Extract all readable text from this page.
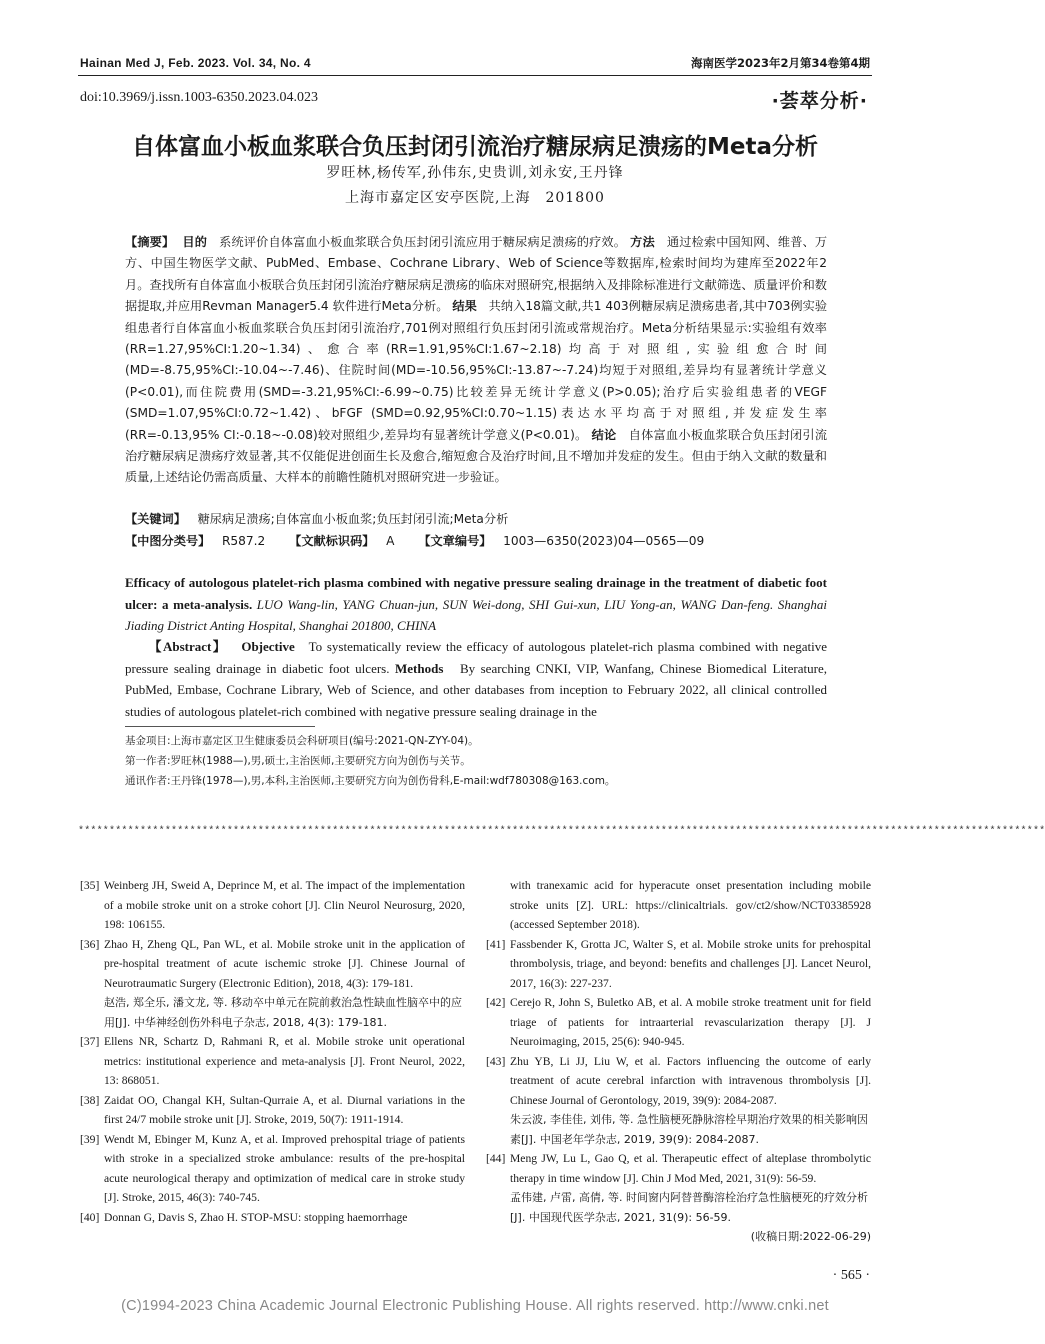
Hainan Med J, Feb. 2023. Vol. 34, No. 4	海南医学2023年2月第34卷第4期
doi:10.3969/j.issn.1003-6350.2023.04.023	·荟萃分析·
自体富血小板血浆联合负压封闭引流治疗糖尿病足溃疡的Meta分析
罗旺林,杨传军,孙伟东,史贵训,刘永安,王丹锋
上海市嘉定区安亭医院,上海　201800
【摘要】 目的 系统评价自体富血小板血浆联合负压封闭引流应用于糖尿病足溃疡的疗效。 方法 通过检索中国知网、维普、万方、中国生物医学文献、PubMed、Embase、Cochrane Library、Web of Science等数据库,检索时间均为建库至2022年2月。查找所有自体富血小板联合负压封闭引流治疗糖尿病足溃疡的临床对照研究,根据纳入及排除标准进行文献筛选、质量评价和数据提取,并应用Revman Manager5.4 软件进行Meta分析。 结果 共纳入18篇文献,共1 403例糖尿病足溃疡患者,其中703例实验组患者行自体富血小板血浆联合负压封闭引流治疗,701例对照组行负压封闭引流或常规治疗。Meta分析结果显示:实验组有效率(RR=1.27,95%CI:1.20~1.34)、愈合率(RR=1.91,95%CI:1.67~2.18)均高于对照组,实验组愈合时间(MD=-8.75,95%CI:-10.04~-7.46)、住院时间(MD=-10.56,95%CI:-13.87~-7.24)均短于对照组,差异均有显著统计学意义(P<0.01),而住院费用(SMD=-3.21,95%CI:-6.99~0.75)比较差异无统计学意义(P>0.05);治疗后实验组患者的VEGF (SMD=1.07,95%CI:0.72~1.42)、bFGF (SMD=0.92,95%CI:0.70~1.15)表达水平均高于对照组,并发症发生率(RR=-0.13,95% CI:-0.18~-0.08)较对照组少,差异均有显著统计学意义(P<0.01)。 结论 自体富血小板血浆联合负压封闭引流治疗糖尿病足溃疡疗效显著,其不仅能促进创面生长及愈合,缩短愈合及治疗时间,且不增加并发症的发生。但由于纳入文献的数量和质量,上述结论仍需高质量、大样本的前瞻性随机对照研究进一步验证。
【关键词】 糖尿病足溃疡;自体富血小板血浆;负压封闭引流;Meta分析
【中图分类号】 R587.2 【文献标识码】 A 【文章编号】 1003—6350(2023)04—0565—09
Efficacy of autologous platelet-rich plasma combined with negative pressure sealing drainage in the treatment of diabetic foot ulcer: a meta-analysis. LUO Wang-lin, YANG Chuan-jun, SUN Wei-dong, SHI Gui-xun, LIU Yong-an, WANG Dan-feng. Shanghai Jiading District Anting Hospital, Shanghai 201800, CHINA
【Abstract】 Objective To systematically review the efficacy of autologous platelet-rich plasma combined with negative pressure sealing drainage in diabetic foot ulcers. Methods By searching CNKI, VIP, Wanfang, Chinese Biomedical Literature, PubMed, Embase, Cochrane Library, Web of Science, and other databases from inception to February 2022, all clinical controlled studies of autologous platelet-rich combined with negative pressure sealing drainage in the
基金项目:上海市嘉定区卫生健康委员会科研项目(编号:2021-QN-ZYY-04)。
第一作者:罗旺林(1988—),男,硕士,主治医师,主要研究方向为创伤与关节。
通讯作者:王丹锋(1978—),男,本科,主治医师,主要研究方向为创伤骨科,E-mail:wdf780308@163.com。
************************************************************************************************************************************************************
[35] Weinberg JH, Sweid A, Deprince M, et al. The impact of the implementation of a mobile stroke unit on a stroke cohort [J]. Clin Neurol Neurosurg, 2020, 198: 106155.
[36] Zhao H, Zheng QL, Pan WL, et al. Mobile stroke unit in the application of pre-hospital treatment of acute ischemic stroke [J]. Chinese Journal of Neurotraumatic Surgery (Electronic Edition), 2018, 4(3): 179-181.
赵浩, 郑全乐, 潘文龙, 等. 移动卒中单元在院前救治急性缺血性脑卒中的应用[J]. 中华神经创伤外科电子杂志, 2018, 4(3): 179-181.
[37] Ellens NR, Schartz D, Rahmani R, et al. Mobile stroke unit operational metrics: institutional experience and meta-analysis [J]. Front Neurol, 2022, 13: 868051.
[38] Zaidat OO, Changal KH, Sultan-Qurraie A, et al. Diurnal variations in the first 24/7 mobile stroke unit [J]. Stroke, 2019, 50(7): 1911-1914.
[39] Wendt M, Ebinger M, Kunz A, et al. Improved prehospital triage of patients with stroke in a specialized stroke ambulance: results of the pre-hospital acute neurological therapy and optimization of medical care in stroke study [J]. Stroke, 2015, 46(3): 740-745.
[40] Donnan G, Davis S, Zhao H. STOP-MSU: stopping haemorrhage
with tranexamic acid for hyperacute onset presentation including mobile stroke units [Z]. URL: https://clinicaltrials. gov/ct2/show/NCT03385928 (accessed September 2018).
[41] Fassbender K, Grotta JC, Walter S, et al. Mobile stroke units for prehospital thrombolysis, triage, and beyond: benefits and challenges [J]. Lancet Neurol, 2017, 16(3): 227-237.
[42] Cerejo R, John S, Buletko AB, et al. A mobile stroke treatment unit for field triage of patients for intraarterial revascularization therapy [J]. J Neuroimaging, 2015, 25(6): 940-945.
[43] Zhu YB, Li JJ, Liu W, et al. Factors influencing the outcome of early treatment of acute cerebral infarction with intravenous thrombolysis [J]. Chinese Journal of Gerontology, 2019, 39(9): 2084-2087.
朱云波, 李佳佳, 刘伟, 等. 急性脑梗死静脉溶栓早期治疗效果的相关影响因素[J]. 中国老年学杂志, 2019, 39(9): 2084-2087.
[44] Meng JW, Lu L, Gao Q, et al. Therapeutic effect of alteplase thrombolytic therapy in time window [J]. Chin J Mod Med, 2021, 31(9): 56-59.
孟伟建, 卢雷, 高倩, 等. 时间窗内阿替普酶溶栓治疗急性脑梗死的疗效分析[J]. 中国现代医学杂志, 2021, 31(9): 56-59.
(收稿日期:2022-06-29)
· 565 ·
(C)1994-2023 China Academic Journal Electronic Publishing House. All rights reserved. http://www.cnki.net
